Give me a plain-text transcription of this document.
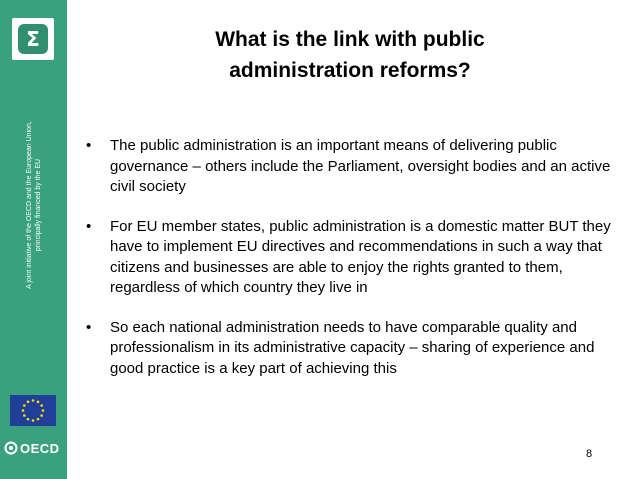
Σ
A joint initiative of the OECD and the European Union, principally financed by the EU
OECD
What is the link with public
administration reforms?
• The public administration is an important means of delivering public governance – others include the Parliament, oversight bodies and an active civil society
• For EU member states, public administration is a domestic matter BUT they have to implement EU directives and recommendations in such a way that citizens and businesses are able to enjoy the rights granted to them, regardless of which country they live in
• So each national administration needs to have comparable quality and professionalism in its administrative capacity – sharing of experience and good practice is a key part of achieving this
8
